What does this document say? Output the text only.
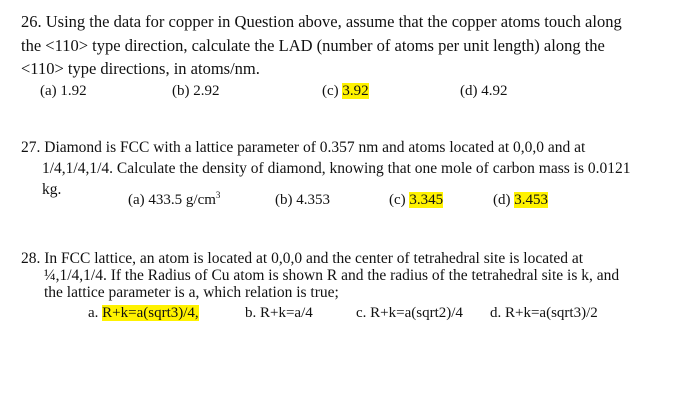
26. Using the data for copper in Question above, assume that the copper atoms touch along
the <110> type direction, calculate the LAD (number of atoms per unit length) along the
<110> type directions, in atoms/nm.
(a) 1.92	(b) 2.92	(c) 3.92	(d) 4.92
27. Diamond is FCC with a lattice parameter of 0.357 nm and atoms located at 0,0,0 and at
1/4,1/4,1/4. Calculate the density of diamond, knowing that one mole of carbon mass is 0.0121
kg.
(a) 433.5 $g/cm^3$	(b) 4.353	(c) 3.345	(d) 3.453
28. In FCC lattice, an atom is located at 0,0,0 and the center of tetrahedral site is located at
¼,1/4,1/4. If the Radius of Cu atom is shown R and the radius of the tetrahedral site is k, and
the lattice parameter is a, which relation is true;
a. R+k=a(sqrt3)/4,	b. R+k=a/4	c. R+k=a(sqrt2)/4 d. R+k=a(sqrt3)/2
